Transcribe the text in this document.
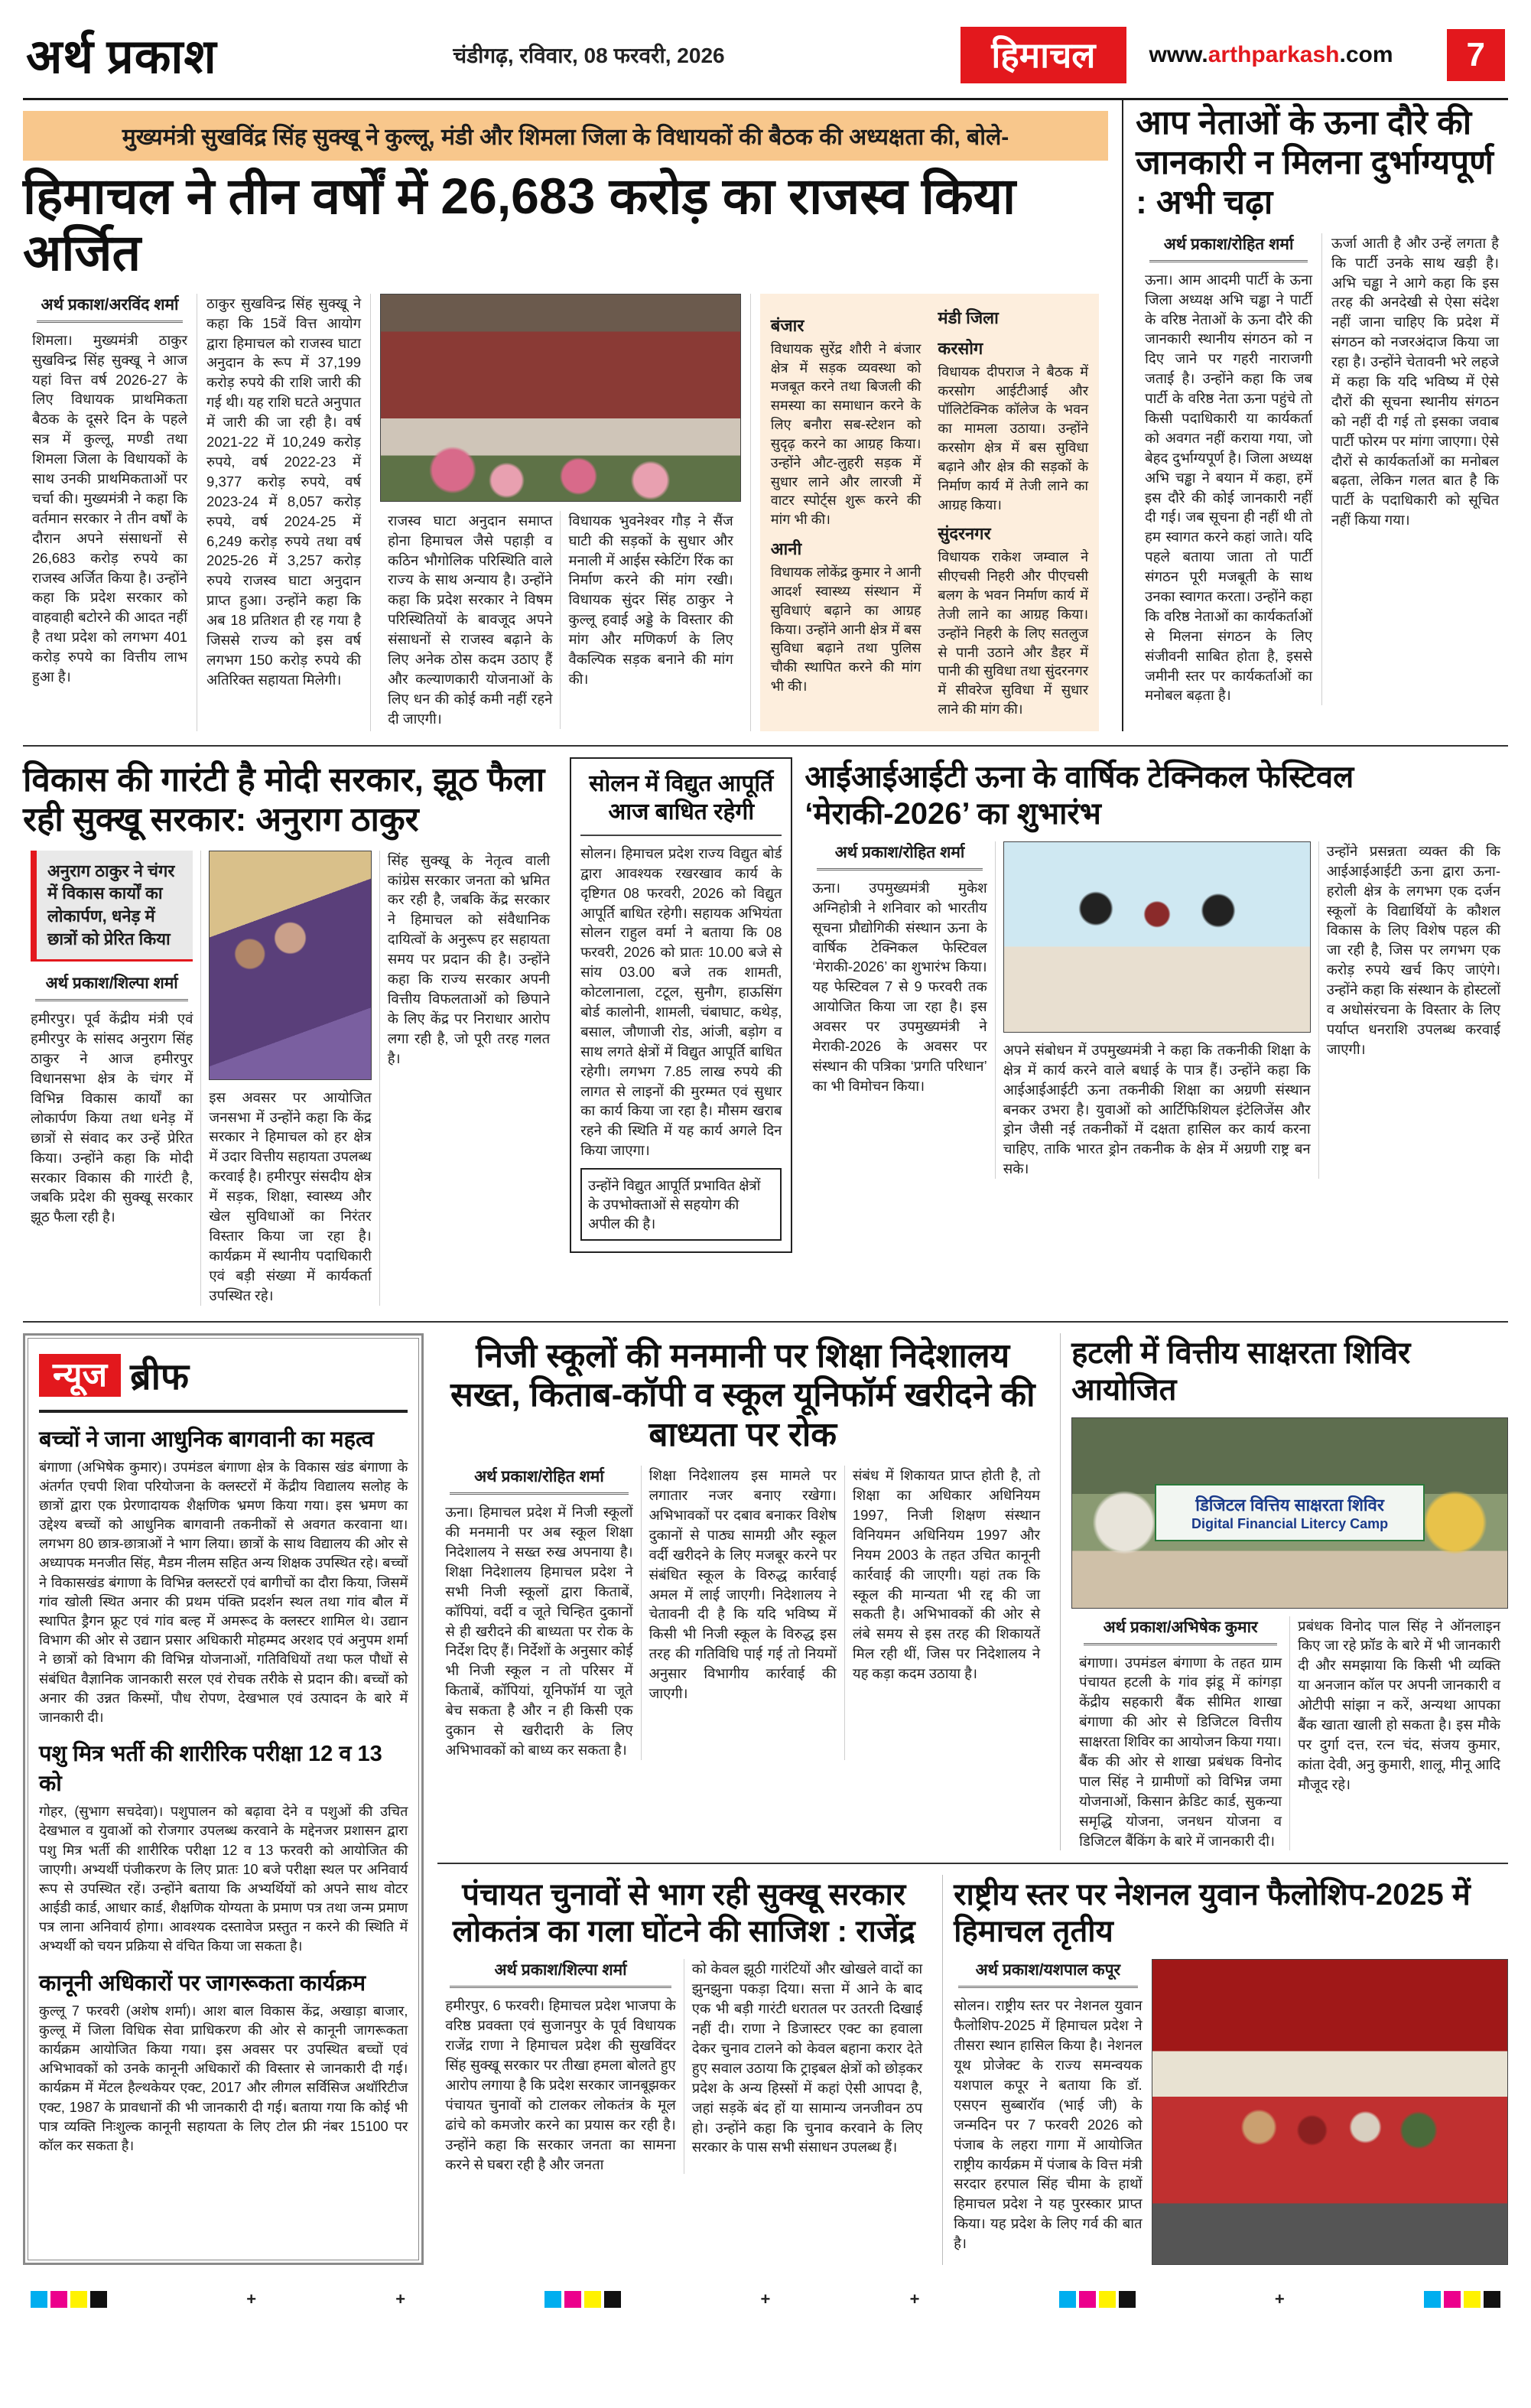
अर्थ प्रकाश	चंडीगढ़, रविवार, 08 फरवरी, 2026	हिमाचल	www.arthparkash.com	7
मुख्यमंत्री सुखविंद्र सिंह सुक्खू ने कुल्लू, मंडी और शिमला जिला के विधायकों की बैठक की अध्यक्षता की, बोले-
हिमाचल ने तीन वर्षों में 26,683 करोड़ का राजस्व किया अर्जित
अर्थ प्रकाश/अरविंद शर्मा

शिमला। मुख्यमंत्री ठाकुर सुखविन्द्र सिंह सुक्खू ने आज यहां वित्त वर्ष 2026-27 के लिए विधायक प्राथमिकता बैठक के दूसरे दिन के पहले सत्र में कुल्लू, मण्डी तथा शिमला जिला के विधायकों के साथ उनकी प्राथमिकताओं पर चर्चा की। मुख्यमंत्री ने कहा कि वर्तमान सरकार ने तीन वर्षों के दौरान अपने संसाधनों से 26,683 करोड़ रुपये का राजस्व अर्जित किया है। उन्होंने कहा कि प्रदेश सरकार को वाहवाही बटोरने की आदत नहीं है तथा प्रदेश को लगभग 401 करोड़ रुपये का वित्तीय लाभ हुआ है।

ठाकुर सुखविन्द्र सिंह सुक्खू ने कहा कि 15वें वित्त आयोग द्वारा हिमाचल को राजस्व घाटा अनुदान के रूप में 37,199 करोड़ रुपये की राशि जारी की गई थी। यह राशि घटते अनुपात में जारी की जा रही है। वर्ष 2021-22 में 10,249 करोड़ रुपये, वर्ष 2022-23 में 9,377 करोड़ रुपये, वर्ष 2023-24 में 8,057 करोड़ रुपये, वर्ष 2024-25 में 6,249 करोड़ रुपये तथा वर्ष 2025-26 में 3,257 करोड़ रुपये राजस्व घाटा अनुदान प्राप्त हुआ। उन्होंने कहा कि अब 18 प्रतिशत ही रह गया है जिससे राज्य को इस वर्ष लगभग 150 करोड़ रुपये की अतिरिक्त सहायता मिलेगी।

राजस्व घाटा अनुदान समाप्त होना हिमाचल जैसे पहाड़ी व कठिन भौगोलिक परिस्थिति वाले राज्य के साथ अन्याय है। उन्होंने कहा कि प्रदेश सरकार ने विषम परिस्थितियों के बावजूद अपने संसाधनों से राजस्व बढ़ाने के लिए अनेक ठोस कदम उठाए हैं और कल्याणकारी योजनाओं के लिए धन की कोई कमी नहीं रहने दी जाएगी।

विधायक भुवनेश्वर गौड़ ने सैंज घाटी की सड़कों के सुधार और मनाली में आईस स्केटिंग रिंक का निर्माण करने की मांग रखी। विधायक सुंदर सिंह ठाकुर ने कुल्लू हवाई अड्डे के विस्तार की मांग और मणिकर्ण के लिए वैकल्पिक सड़क बनाने की मांग की।

बंजार
विधायक सुरेंद्र शौरी ने बंजार क्षेत्र में सड़क व्यवस्था को मजबूत करने तथा बिजली की समस्या का समाधान करने के लिए बनौरा सब-स्टेशन को सुदृढ़ करने का आग्रह किया। उन्होंने औट-लुहरी सड़क में सुधार लाने और लारजी में वाटर स्पोर्ट्स शुरू करने की मांग भी की।
आनी
विधायक लोकेंद्र कुमार ने आनी आदर्श स्वास्थ्य संस्थान में सुविधाएं बढ़ाने का आग्रह किया। उन्होंने आनी क्षेत्र में बस सुविधा बढ़ाने तथा पुलिस चौकी स्थापित करने की मांग भी की।
मंडी जिला
करसोग
विधायक दीपराज ने बैठक में करसोग आईटीआई और पॉलिटेक्निक कॉलेज के भवन का मामला उठाया। उन्होंने करसोग क्षेत्र में बस सुविधा बढ़ाने और क्षेत्र की सड़कों के निर्माण कार्य में तेजी लाने का आग्रह किया।
सुंदरनगर
विधायक राकेश जम्वाल ने सीएचसी निहरी और पीएचसी बलग के भवन निर्माण कार्य में तेजी लाने का आग्रह किया। उन्होंने निहरी के लिए सतलुज से पानी उठाने और डैहर में पानी की सुविधा तथा सुंदरनगर में सीवरेज सुविधा में सुधार लाने की मांग की।
आप नेताओं के ऊना दौरे की जानकारी न मिलना दुर्भाग्यपूर्ण : अभी चढ़ा
अर्थ प्रकाश/रोहित शर्मा

ऊना। आम आदमी पार्टी के ऊना जिला अध्यक्ष अभि चड्ढा ने पार्टी के वरिष्ठ नेताओं के ऊना दौरे की जानकारी स्थानीय संगठन को न दिए जाने पर गहरी नाराजगी जताई है। उन्होंने कहा कि जब पार्टी के वरिष्ठ नेता ऊना पहुंचे तो किसी पदाधिकारी या कार्यकर्ता को अवगत नहीं कराया गया, जो बेहद दुर्भाग्यपूर्ण है। जिला अध्यक्ष अभि चड्ढा ने बयान में कहा, हमें इस दौरे की कोई जानकारी नहीं दी गई। जब सूचना ही नहीं थी तो हम स्वागत करने कहां जाते। यदि पहले बताया जाता तो पार्टी संगठन पूरी मजबूती के साथ उनका स्वागत करता। उन्होंने कहा कि वरिष्ठ नेताओं का कार्यकर्ताओं से मिलना संगठन के लिए संजीवनी साबित होता है, इससे जमीनी स्तर पर कार्यकर्ताओं का मनोबल बढ़ता है।

ऊर्जा आती है और उन्हें लगता है कि पार्टी उनके साथ खड़ी है। अभि चड्ढा ने आगे कहा कि इस तरह की अनदेखी से ऐसा संदेश नहीं जाना चाहिए कि प्रदेश में संगठन को नजरअंदाज किया जा रहा है। उन्होंने चेतावनी भरे लहजे में कहा कि यदि भविष्य में ऐसे दौरों की सूचना स्थानीय संगठन को नहीं दी गई तो इसका जवाब पार्टी फोरम पर मांगा जाएगा। ऐसे दौरों से कार्यकर्ताओं का मनोबल बढ़ता, लेकिन गलत बात है कि पार्टी के पदाधिकारी को सूचित नहीं किया गया।

विकास की गारंटी है मोदी सरकार, झूठ फैला रही सुक्खू सरकार: अनुराग ठाकुर
अनुराग ठाकुर ने चंगर में विकास कार्यों का लोकार्पण, धनेड़ में छात्रों को प्रेरित किया
अर्थ प्रकाश/शिल्पा शर्मा

हमीरपुर। पूर्व केंद्रीय मंत्री एवं हमीरपुर के सांसद अनुराग सिंह ठाकुर ने आज हमीरपुर विधानसभा क्षेत्र के चंगर में विभिन्न विकास कार्यों का लोकार्पण किया तथा धनेड़ में छात्रों से संवाद कर उन्हें प्रेरित किया। उन्होंने कहा कि मोदी सरकार विकास की गारंटी है, जबकि प्रदेश की सुक्खू सरकार झूठ फैला रही है।

इस अवसर पर आयोजित जनसभा में उन्होंने कहा कि केंद्र सरकार ने हिमाचल को हर क्षेत्र में उदार वित्तीय सहायता उपलब्ध करवाई है। हमीरपुर संसदीय क्षेत्र में सड़क, शिक्षा, स्वास्थ्य और खेल सुविधाओं का निरंतर विस्तार किया जा रहा है। कार्यक्रम में स्थानीय पदाधिकारी एवं बड़ी संख्या में कार्यकर्ता उपस्थित रहे।

सिंह सुक्खू के नेतृत्व वाली कांग्रेस सरकार जनता को भ्रमित कर रही है, जबकि केंद्र सरकार ने हिमाचल को संवैधानिक दायित्वों के अनुरूप हर सहायता समय पर प्रदान की है। उन्होंने कहा कि राज्य सरकार अपनी वित्तीय विफलताओं को छिपाने के लिए केंद्र पर निराधार आरोप लगा रही है, जो पूरी तरह गलत है।

सोलन में विद्युत आपूर्ति आज बाधित रहेगी

सोलन। हिमाचल प्रदेश राज्य विद्युत बोर्ड द्वारा आवश्यक रखरखाव कार्य के दृष्टिगत 08 फरवरी, 2026 को विद्युत आपूर्ति बाधित रहेगी। सहायक अभियंता सोलन राहुल वर्मा ने बताया कि 08 फरवरी, 2026 को प्रातः 10.00 बजे से सांय 03.00 बजे तक शामती, कोटलानाला, टटूल, सुनौग, हाऊसिंग बोर्ड कालोनी, शामली, चंबाघाट, कथेड़, बसाल, जौणाजी रोड, आंजी, बड़ोग व साथ लगते क्षेत्रों में विद्युत आपूर्ति बाधित रहेगी। लगभग 7.85 लाख रुपये की लागत से लाइनों की मुरम्मत एवं सुधार का कार्य किया जा रहा है। मौसम खराब रहने की स्थिति में यह कार्य अगले दिन किया जाएगा।

उन्होंने विद्युत आपूर्ति प्रभावित क्षेत्रों के उपभोक्ताओं से सहयोग की अपील की है।
आईआईआईटी ऊना के वार्षिक टेक्निकल फेस्टिवल ‘मेराकी-2026’ का शुभारंभ
अर्थ प्रकाश/रोहित शर्मा

ऊना। उपमुख्यमंत्री मुकेश अग्निहोत्री ने शनिवार को भारतीय सूचना प्रौद्योगिकी संस्थान ऊना के वार्षिक टेक्निकल फेस्टिवल ‘मेराकी-2026’ का शुभारंभ किया। यह फेस्टिवल 7 से 9 फरवरी तक आयोजित किया जा रहा है। इस अवसर पर उपमुख्यमंत्री ने मेराकी-2026 के अवसर पर संस्थान की पत्रिका ‘प्रगति परिधान’ का भी विमोचन किया।

अपने संबोधन में उपमुख्यमंत्री ने कहा कि तकनीकी शिक्षा के क्षेत्र में कार्य करने वाले बधाई के पात्र हैं। उन्होंने कहा कि आईआईआईटी ऊना तकनीकी शिक्षा का अग्रणी संस्थान बनकर उभरा है। युवाओं को आर्टिफिशियल इंटेलिजेंस और ड्रोन जैसी नई तकनीकों में दक्षता हासिल कर कार्य करना चाहिए, ताकि भारत ड्रोन तकनीक के क्षेत्र में अग्रणी राष्ट्र बन सके।

उन्होंने प्रसन्नता व्यक्त की कि आईआईआईटी ऊना द्वारा ऊना-हरोली क्षेत्र के लगभग एक दर्जन स्कूलों के विद्यार्थियों के कौशल विकास के लिए विशेष पहल की जा रही है, जिस पर लगभग एक करोड़ रुपये खर्च किए जाएंगे। उन्होंने कहा कि संस्थान के होस्टलों व अधोसंरचना के विस्तार के लिए पर्याप्त धनराशि उपलब्ध करवाई जाएगी।

न्यूज ब्रीफ
बच्चों ने जाना आधुनिक बागवानी का महत्व

बंगाणा (अभिषेक कुमार)। उपमंडल बंगाणा क्षेत्र के विकास खंड बंगाणा के अंतर्गत एचपी शिवा परियोजना के क्लस्टरों में केंद्रीय विद्यालय सलोह के छात्रों द्वारा एक प्रेरणादायक शैक्षणिक भ्रमण किया गया। इस भ्रमण का उद्देश्य बच्चों को आधुनिक बागवानी तकनीकों से अवगत करवाना था। लगभग 80 छात्र-छात्राओं ने भाग लिया। छात्रों के साथ विद्यालय की ओर से अध्यापक मनजीत सिंह, मैडम नीलम सहित अन्य शिक्षक उपस्थित रहे। बच्चों ने विकासखंड बंगाणा के विभिन्न क्लस्टरों एवं बागीचों का दौरा किया, जिसमें गांव खोली स्थित अनार की प्रथम पंक्ति प्रदर्शन स्थल तथा गांव बौल में स्थापित ड्रैगन फ्रूट एवं गांव बल्ह में अमरूद के क्लस्टर शामिल थे। उद्यान विभाग की ओर से उद्यान प्रसार अधिकारी मोहम्मद अरशद एवं अनुपम शर्मा ने छात्रों को विभाग की विभिन्न योजनाओं, गतिविधियों तथा फल पौधों से संबंधित वैज्ञानिक जानकारी सरल एवं रोचक तरीके से प्रदान की। बच्चों को अनार की उन्नत किस्मों, पौध रोपण, देखभाल एवं उत्पादन के बारे में जानकारी दी।

पशु मित्र भर्ती की शारीरिक परीक्षा 12 व 13 को

गोहर, (सुभाग सचदेवा)। पशुपालन को बढ़ावा देने व पशुओं की उचित देखभाल व युवाओं को रोजगार उपलब्ध करवाने के मद्देनजर प्रशासन द्वारा पशु मित्र भर्ती की शारीरिक परीक्षा 12 व 13 फरवरी को आयोजित की जाएगी। अभ्यर्थी पंजीकरण के लिए प्रातः 10 बजे परीक्षा स्थल पर अनिवार्य रूप से उपस्थित रहें। उन्होंने बताया कि अभ्यर्थियों को अपने साथ वोटर आईडी कार्ड, आधार कार्ड, शैक्षणिक योग्यता के प्रमाण पत्र तथा जन्म प्रमाण पत्र लाना अनिवार्य होगा। आवश्यक दस्तावेज प्रस्तुत न करने की स्थिति में अभ्यर्थी को चयन प्रक्रिया से वंचित किया जा सकता है।

कानूनी अधिकारों पर जागरूकता कार्यक्रम

कुल्लू 7 फरवरी (अशेष शर्मा)। आश बाल विकास केंद्र, अखाड़ा बाजार, कुल्लू में जिला विधिक सेवा प्राधिकरण की ओर से कानूनी जागरूकता कार्यक्रम आयोजित किया गया। इस अवसर पर उपस्थित बच्चों एवं अभिभावकों को उनके कानूनी अधिकारों की विस्तार से जानकारी दी गई। कार्यक्रम में मेंटल हैल्थकेयर एक्ट, 2017 और लीगल सर्विसिज अथॉरिटीज एक्ट, 1987 के प्रावधानों की भी जानकारी दी गई। बताया गया कि कोई भी पात्र व्यक्ति निःशुल्क कानूनी सहायता के लिए टोल फ्री नंबर 15100 पर कॉल कर सकता है।

निजी स्कूलों की मनमानी पर शिक्षा निदेशालय सख्त, किताब-कॉपी व स्कूल यूनिफॉर्म खरीदने की बाध्यता पर रोक
अर्थ प्रकाश/रोहित शर्मा

ऊना। हिमाचल प्रदेश में निजी स्कूलों की मनमानी पर अब स्कूल शिक्षा निदेशालय ने सख्त रुख अपनाया है। शिक्षा निदेशालय हिमाचल प्रदेश ने सभी निजी स्कूलों द्वारा किताबें, कॉपियां, वर्दी व जूते चिन्हित दुकानों से ही खरीदने की बाध्यता पर रोक के निर्देश दिए हैं। निर्देशों के अनुसार कोई भी निजी स्कूल न तो परिसर में किताबें, कॉपियां, यूनिफॉर्म या जूते बेच सकता है और न ही किसी एक दुकान से खरीदारी के लिए अभिभावकों को बाध्य कर सकता है।

शिक्षा निदेशालय इस मामले पर लगातार नजर बनाए रखेगा। अभिभावकों पर दबाव बनाकर विशेष दुकानों से पाठ्य सामग्री और स्कूल वर्दी खरीदने के लिए मजबूर करने पर संबंधित स्कूल के विरुद्ध कार्रवाई अमल में लाई जाएगी। निदेशालय ने चेतावनी दी है कि यदि भविष्य में किसी भी निजी स्कूल के विरुद्ध इस तरह की गतिविधि पाई गई तो नियमों अनुसार विभागीय कार्रवाई की जाएगी।

संबंध में शिकायत प्राप्त होती है, तो शिक्षा का अधिकार अधिनियम 1997, निजी शिक्षण संस्थान विनियमन अधिनियम 1997 और नियम 2003 के तहत उचित कानूनी कार्रवाई की जाएगी। यहां तक कि स्कूल की मान्यता भी रद्द की जा सकती है। अभिभावकों की ओर से लंबे समय से इस तरह की शिकायतें मिल रही थीं, जिस पर निदेशालय ने यह कड़ा कदम उठाया है।

हटली में वित्तीय साक्षरता शिविर आयोजित
डिजिटल वित्तिय साक्षरता शिविर
Digital Financial Litercy Camp
अर्थ प्रकाश/अभिषेक कुमार

बंगाणा। उपमंडल बंगाणा के तहत ग्राम पंचायत हटली के गांव झंडू में कांगड़ा केंद्रीय सहकारी बैंक सीमित शाखा बंगाणा की ओर से डिजिटल वित्तीय साक्षरता शिविर का आयोजन किया गया। बैंक की ओर से शाखा प्रबंधक विनोद पाल सिंह ने ग्रामीणों को विभिन्न जमा योजनाओं, किसान क्रेडिट कार्ड, सुकन्या समृद्धि योजना, जनधन योजना व डिजिटल बैंकिंग के बारे में जानकारी दी।

प्रबंधक विनोद पाल सिंह ने ऑनलाइन किए जा रहे फ्रॉड के बारे में भी जानकारी दी और समझाया कि किसी भी व्यक्ति या अनजान कॉल पर अपनी जानकारी व ओटीपी सांझा न करें, अन्यथा आपका बैंक खाता खाली हो सकता है। इस मौके पर दुर्गा दत्त, रत्न चंद, संजय कुमार, कांता देवी, अनु कुमारी, शालू, मीनू आदि मौजूद रहे।

पंचायत चुनावों से भाग रही सुक्खू सरकार लोकतंत्र का गला घोंटने की साजिश : राजेंद्र
अर्थ प्रकाश/शिल्पा शर्मा

हमीरपुर, 6 फरवरी। हिमाचल प्रदेश भाजपा के वरिष्ठ प्रवक्ता एवं सुजानपुर के पूर्व विधायक राजेंद्र राणा ने हिमाचल प्रदेश की सुखविंदर सिंह सुक्खू सरकार पर तीखा हमला बोलते हुए आरोप लगाया है कि प्रदेश सरकार जानबूझकर पंचायत चुनावों को टालकर लोकतंत्र के मूल ढांचे को कमजोर करने का प्रयास कर रही है। उन्होंने कहा कि सरकार जनता का सामना करने से घबरा रही है और जनता

को केवल झूठी गारंटियों और खोखले वादों का झुनझुना पकड़ा दिया। सत्ता में आने के बाद एक भी बड़ी गारंटी धरातल पर उतरती दिखाई नहीं दी। राणा ने डिजास्टर एक्ट का हवाला देकर चुनाव टालने को केवल बहाना करार देते हुए सवाल उठाया कि ट्राइबल क्षेत्रों को छोड़कर प्रदेश के अन्य हिस्सों में कहां ऐसी आपदा है, जहां सड़कें बंद हों या सामान्य जनजीवन ठप हो। उन्होंने कहा कि चुनाव करवाने के लिए सरकार के पास सभी संसाधन उपलब्ध हैं।

राष्ट्रीय स्तर पर नेशनल युवान फैलोशिप-2025 में हिमाचल तृतीय
अर्थ प्रकाश/यशपाल कपूर

सोलन। राष्ट्रीय स्तर पर नेशनल युवान फैलोशिप-2025 में हिमाचल प्रदेश ने तीसरा स्थान हासिल किया है। नेशनल यूथ प्रोजेक्ट के राज्य समन्वयक यशपाल कपूर ने बताया कि डॉ. एसएन सुब्बारॉव (भाई जी) के जन्मदिन पर 7 फरवरी 2026 को पंजाब के लहरा गागा में आयोजित राष्ट्रीय कार्यक्रम में पंजाब के वित्त मंत्री सरदार हरपाल सिंह चीमा के हाथों हिमाचल प्रदेश ने यह पुरस्कार प्राप्त किया। यह प्रदेश के लिए गर्व की बात है।

+	+	+	+	+
